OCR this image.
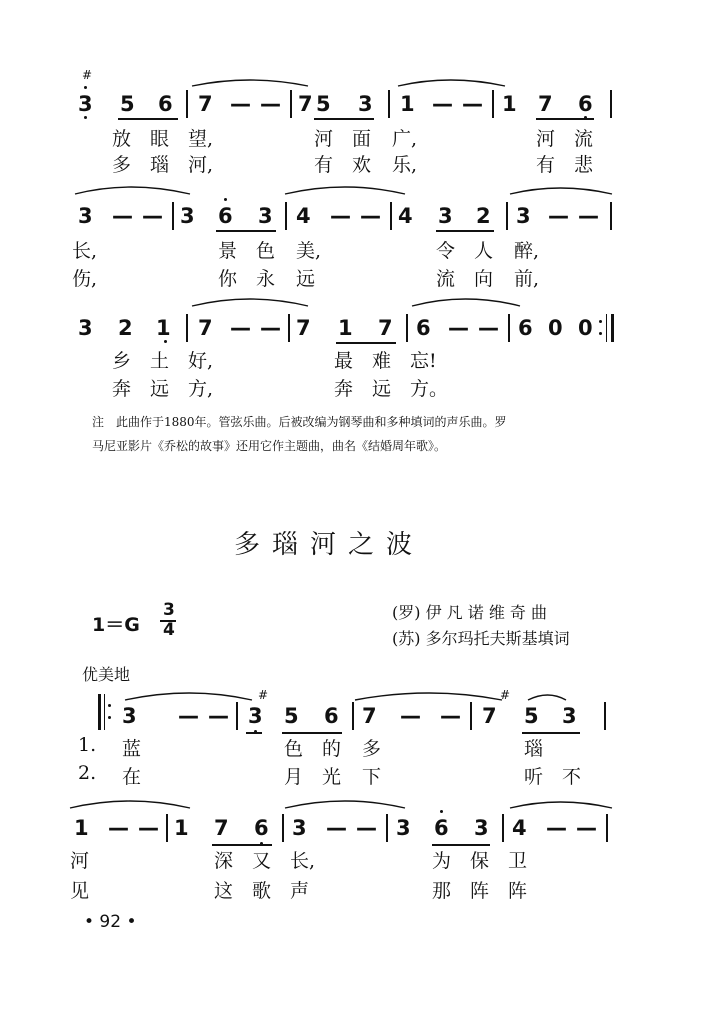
#
3 5 6 7 — — 7 5 3 1 — — 1 7 6
放 眼 望,	河 面 广,	河 流
多 瑙 河,	有 欢 乐,	有 悲
3 — — 3 6 3 4 — — 4 3 2 3 — —
长,	景 色 美,	令 人 醉,
伤,	你 永 远	流 向 前,
3 2 1 7 — — 7 1 7 6 — — 6 0 0
乡 土 好,	最 难 忘!
奔 远 方,	奔 远 方。
注　此曲作于1880年。管弦乐曲。后被改编为钢琴曲和多种填词的声乐曲。罗
马尼亚影片《乔松的故事》还用它作主题曲，曲名《结婚周年歌》。
多瑙河之波
1＝G
3
4
(罗) 伊 凡 诺 维 奇 曲
(苏) 多尔玛托夫斯基填词
优美地
3 — —
#
3 5 6 7 — —
#
7 5 3
1. 蓝	色 的 多	瑙
2. 在	月 光 下	听 不
1 — — 1 7 6 3 — — 3 6 3 4 — —
河	深 又 长,	为 保 卫
见	这 歌 声	那 阵 阵
• 92 •
